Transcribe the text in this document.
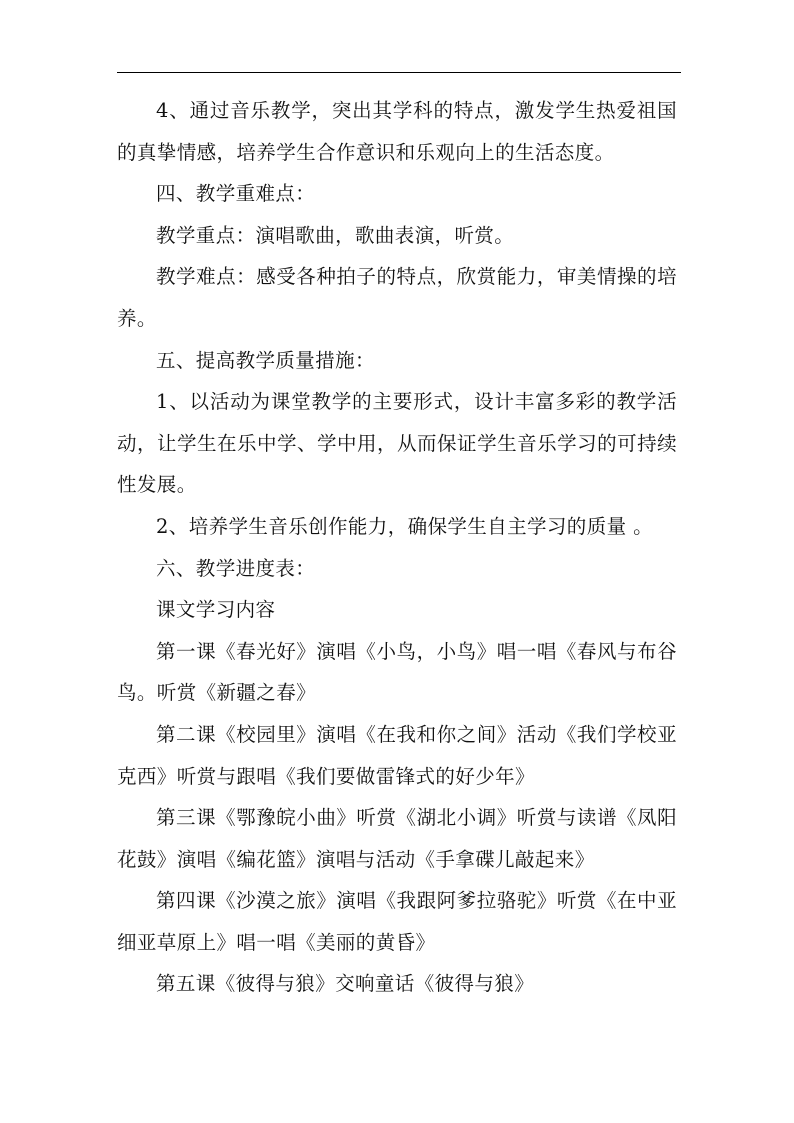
4、通过音乐教学，突出其学科的特点，激发学生热爱祖国的真挚情感，培养学生合作意识和乐观向上的生活态度。

四、教学重难点：

教学重点：演唱歌曲，歌曲表演，听赏。

教学难点：感受各种拍子的特点，欣赏能力，审美情操的培养。

五、提高教学质量措施：

1、以活动为课堂教学的主要形式，设计丰富多彩的教学活动，让学生在乐中学、学中用，从而保证学生音乐学习的可持续性发展。

2、培养学生音乐创作能力，确保学生自主学习的质量 。

六、教学进度表：

课文学习内容

第一课《春光好》演唱《小鸟，小鸟》唱一唱《春风与布谷鸟。听赏《新疆之春》

第二课《校园里》演唱《在我和你之间》活动《我们学校亚克西》听赏与跟唱《我们要做雷锋式的好少年》

第三课《鄂豫皖小曲》听赏《湖北小调》听赏与读谱《凤阳花鼓》演唱《编花篮》演唱与活动《手拿碟儿敲起来》

第四课《沙漠之旅》演唱《我跟阿爹拉骆驼》听赏《在中亚细亚草原上》唱一唱《美丽的黄昏》

第五课《彼得与狼》交响童话《彼得与狼》
